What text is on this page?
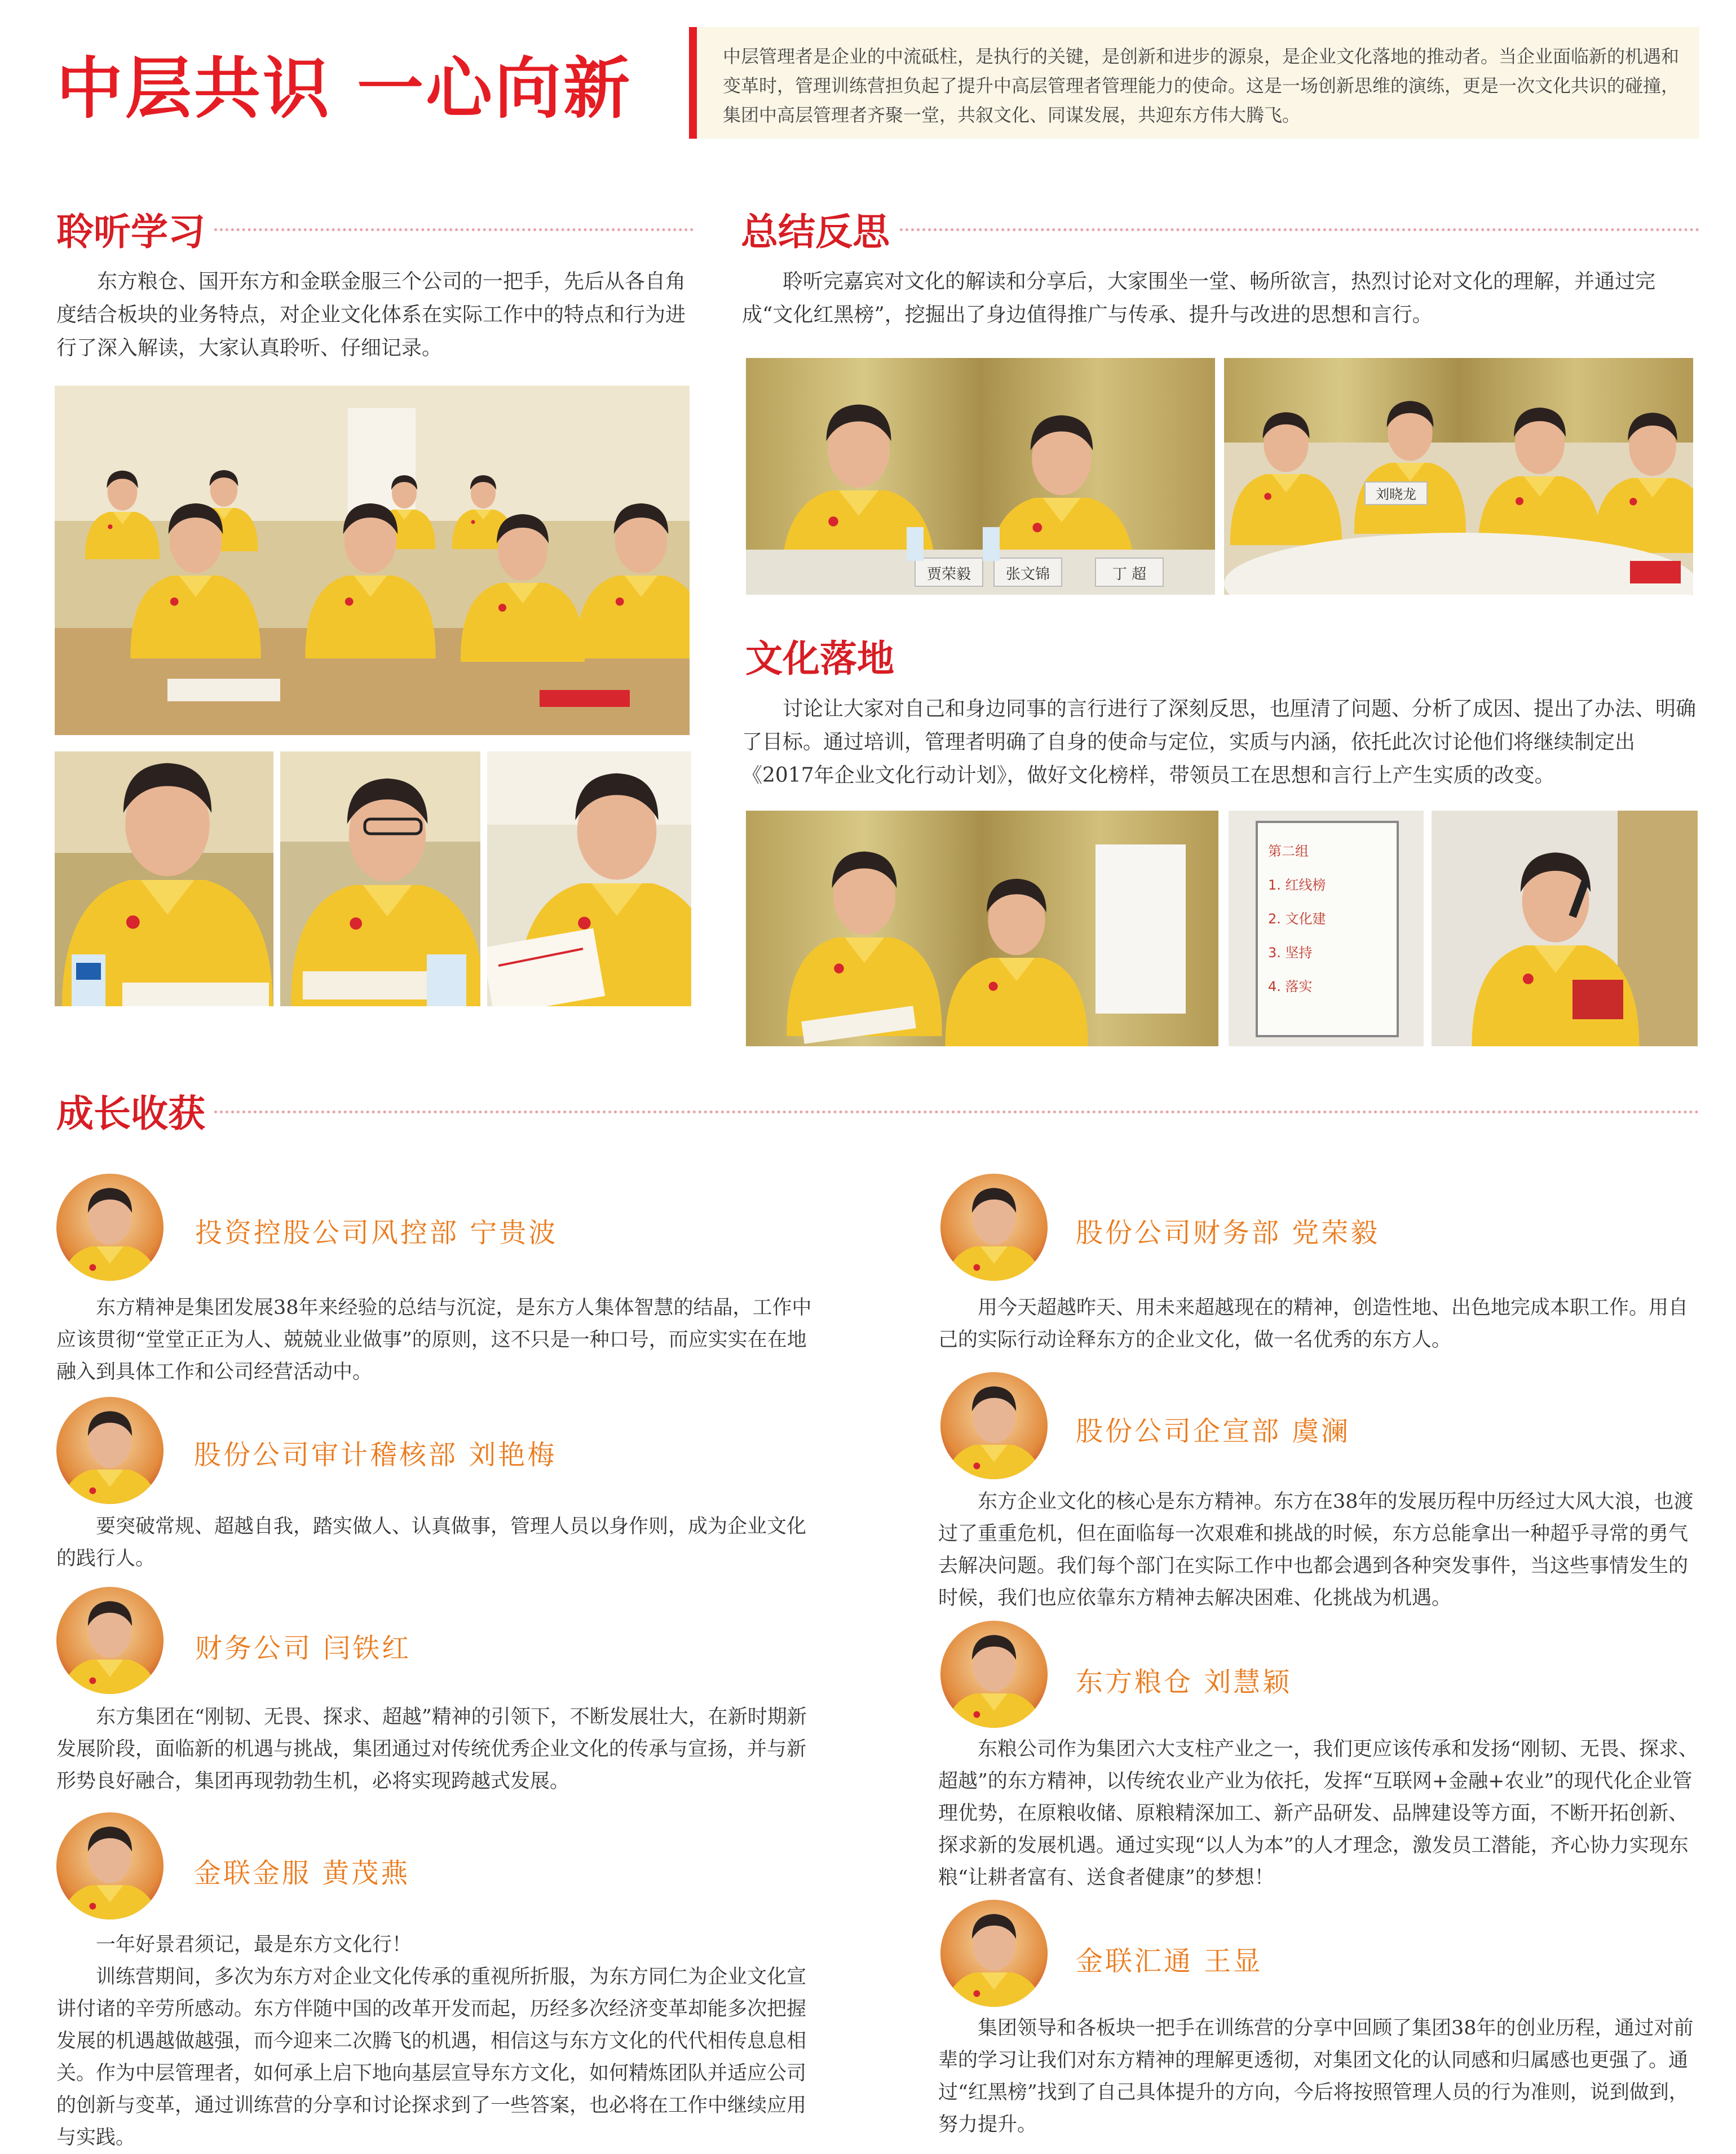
中层共识 一心向新	中层管理者是企业的中流砥柱，是执行的关键，是创新和进步的源泉，是企业文化落地的推动者。当企业面临新的机遇和变革时，管理训练营担负起了提升中高层管理者管理能力的使命。这是一场创新思维的演练，更是一次文化共识的碰撞，集团中高层管理者齐聚一堂，共叙文化、同谋发展，共迎东方伟大腾飞。
聆听学习

东方粮仓、国开东方和金联金服三个公司的一把手，先后从各自角度结合板块的业务特点，对企业文化体系在实际工作中的特点和行为进行了深入解读，大家认真聆听、仔细记录。

总结反思

聆听完嘉宾对文化的解读和分享后，大家围坐一堂、畅所欲言，热烈讨论对文化的理解，并通过完成“文化红黑榜”，挖掘出了身边值得推广与传承、提升与改进的思想和言行。

贾荣毅 张文锦	丁 超
刘晓龙
文化落地

讨论让大家对自己和身边同事的言行进行了深刻反思，也厘清了问题、分析了成因、提出了办法、明确了目标。通过培训，管理者明确了自身的使命与定位，实质与内涵，依托此次讨论他们将继续制定出《2017年企业文化行动计划》，做好文化榜样，带领员工在思想和言行上产生实质的改变。

第二组
1. 红线榜
2. 文化建
3. 坚持
4. 落实
成长收获
投资控股公司风控部 宁贵波

东方精神是集团发展38年来经验的总结与沉淀，是东方人集体智慧的结晶，工作中应该贯彻“堂堂正正为人、兢兢业业做事”的原则，这不只是一种口号，而应实实在在地融入到具体工作和公司经营活动中。

股份公司审计稽核部 刘艳梅

要突破常规、超越自我，踏实做人、认真做事，管理人员以身作则，成为企业文化的践行人。

财务公司 闫铁红

东方集团在“刚韧、无畏、探求、超越”精神的引领下，不断发展壮大，在新时期新发展阶段，面临新的机遇与挑战，集团通过对传统优秀企业文化的传承与宣扬，并与新形势良好融合，集团再现勃勃生机，必将实现跨越式发展。

金联金服 黄茂燕

一年好景君须记，最是东方文化行！

训练营期间，多次为东方对企业文化传承的重视所折服，为东方同仁为企业文化宣讲付诸的辛劳所感动。东方伴随中国的改革开发而起，历经多次经济变革却能多次把握发展的机遇越做越强，而今迎来二次腾飞的机遇，相信这与东方文化的代代相传息息相关。作为中层管理者，如何承上启下地向基层宣导东方文化，如何精炼团队并适应公司的创新与变革，通过训练营的分享和讨论探求到了一些答案，也必将在工作中继续应用与实践。

股份公司财务部 党荣毅

用今天超越昨天、用未来超越现在的精神，创造性地、出色地完成本职工作。用自己的实际行动诠释东方的企业文化，做一名优秀的东方人。

股份公司企宣部 虞澜

东方企业文化的核心是东方精神。东方在38年的发展历程中历经过大风大浪，也渡过了重重危机，但在面临每一次艰难和挑战的时候，东方总能拿出一种超乎寻常的勇气去解决问题。我们每个部门在实际工作中也都会遇到各种突发事件，当这些事情发生的时候，我们也应依靠东方精神去解决困难、化挑战为机遇。

东方粮仓 刘慧颖

东粮公司作为集团六大支柱产业之一，我们更应该传承和发扬“刚韧、无畏、探求、超越”的东方精神，以传统农业产业为依托，发挥“互联网+金融+农业”的现代化企业管理优势，在原粮收储、原粮精深加工、新产品研发、品牌建设等方面，不断开拓创新、探求新的发展机遇。通过实现“以人为本”的人才理念，激发员工潜能，齐心协力实现东粮“让耕者富有、送食者健康”的梦想！

金联汇通 王显

集团领导和各板块一把手在训练营的分享中回顾了集团38年的创业历程，通过对前辈的学习让我们对东方精神的理解更透彻，对集团文化的认同感和归属感也更强了。通过“红黑榜”找到了自己具体提升的方向，今后将按照管理人员的行为准则，说到做到，努力提升。
